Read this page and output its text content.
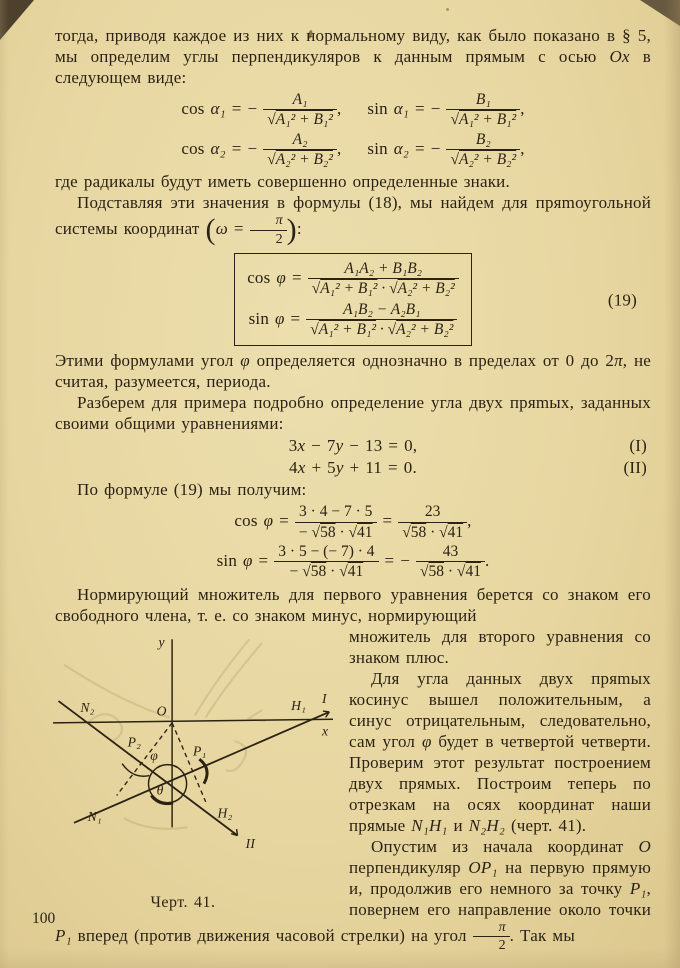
тогда, приводя каждое из них к нормальному виду, как было показано в § 5, мы определим углы перпендикуляров к данным прямым с осью Ох в следующем виде:

cos α₁ = − $\frac{\text{A₁}}{\text{√A₁² + B₁²}}$ , sin α₁ = − $\frac{\text{B₁}}{\text{√A₁² + B₁²}}$ ,
cos α₂ = − $\frac{\text{A₂}}{\text{√A₂² + B₂²}}$ , sin α₂ = − $\frac{\text{B₂}}{\text{√A₂² + B₂²}}$ ,

где радикалы будут иметь совершенно определенные знаки.

Подставляя эти значения в формулы (18), мы найдем для пряmоугольной системы координат ($\omega = \frac{\pi}{2}$ ):

$\cos \varphi = \frac{\text{A₁A₂ + B₁B₂}}{\text{√A₁² + B₁² · √A₂² + B₂²}}$
$\sin \varphi = \frac{\text{A₁B₂ − A₂B₁}}{\text{√A₁² + B₁² · √A₂² + B₂²}}$
(19)

Этими формулами угол φ определяется однозначно в пределах от 0 до 2π, не считая, разумеется, периода.

Разберем для примера подробно определение угла двух пряmых, заданных своими общими уравнениями:

3x − 7y − 13 = 0,	(I)
4x + 5y + 11 = 0.	(II)

По формуле (19) мы получим:

$\cos \varphi = \frac{3 \cdot 4 - 7 \cdot 5}{- √58 \cdot √41} = \frac{23}{√58 \cdot √41}$ ,
$\sin \varphi = \frac{3 \cdot 5 - (- 7) \cdot 4}{- √58 \cdot √41}$ = − $\frac{43}{√58 \cdot √41}$ .

Нормирующий множитель для первого уравнения берется со знаком его свободного члена, т. е. со знаком минус, нормирующий

y
x
O
N₂
N₁
H₁
H₂
P₂
P₁
φ
θ
I
II
Черт. 41.

множитель для второго уравнения со знаком плюс.

Для угла данных двух пряmых косинус вышел положительным, а синус отрицательным, следовательно, сам угол φ будет в четвертой четверти. Проверим этот результат построением двух прямых. Построим теперь по отрезкам на осях координат наши прямые N₁H₁ и N₂H₂ (черт. 41).

Опустим из начала координат O перпендикуляр OP₁ на первую прямую и, продолжив его немного за точку P₁, повернем его направление около точки P₁ вперед (против движения часовой стрелки) на угол $\frac{\pi}{2}$ . Так мы

100
